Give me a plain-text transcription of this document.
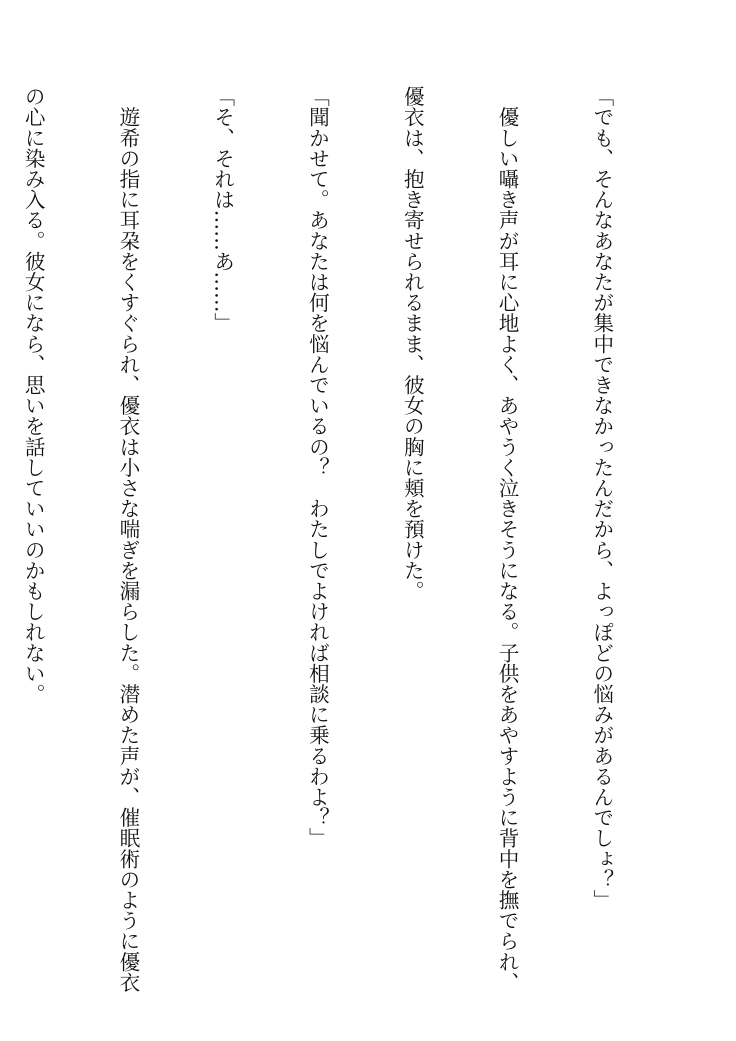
「でも、そんなあなたが集中できなかったんだから、よっぽどの悩みがあるんでしょ？」

　優しい囁き声が耳に心地よく、あやうく泣きそうになる。子供をあやすように背中を撫でられ、

優衣は、抱き寄せられるまま、彼女の胸に頬を預けた。

「聞かせて。あなたは何を悩んでいるの？　わたしでよければ相談に乗るわよ？」

「そ、それは……あ……」

　遊希の指に耳朶をくすぐられ、優衣は小さな喘ぎを漏らした。潜めた声が、催眠術のように優衣

の心に染み入る。彼女になら、思いを話していいのかもしれない。
